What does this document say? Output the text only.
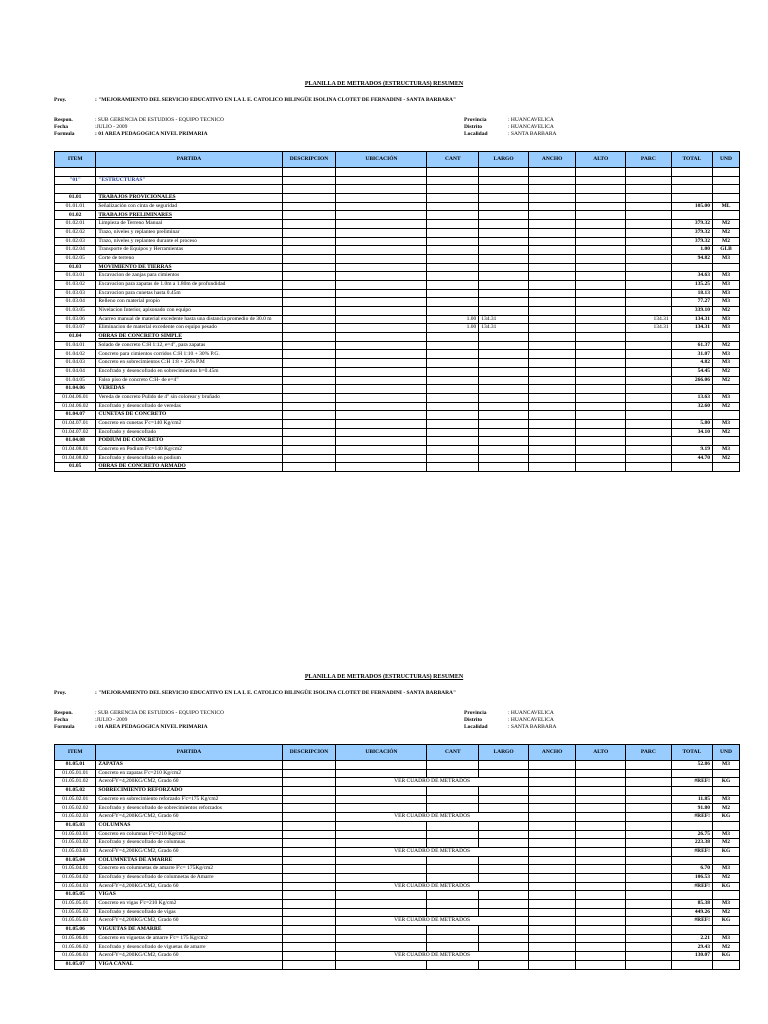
PLANILLA DE METRADOS (ESTRUCTURAS) RESUMEN
Proy.	: "MEJORAMIENTO DEL SERVICIO EDUCATIVO EN LA I. E. CATOLICO BILINGÜE ISOLINA CLOTET DE FERNADINI - SANTA BARBARA"
Respon.
Fecha
Formula
: SUB GERENCIA DE ESTUDIOS - EQUIPO TECNICO
:JULIO - 2009
: 01 AREA PEDAGOGICA NIVEL PRIMARIA
Provincia
Distrito
Localidad
: HUANCAVELICA
: HUANCAVELICA
: SANTA BARBARA
ITEM	PARTIDA	DESCRIPCION	UBICACIÓN	CANT	LARGO	ANCHO	ALTO	PARC	TOTAL	UND

"01"	"ESTRUCTURAS"									

01.01	TRABAJOS PROVICIONALES									
01.01.01	Señalización con cinta de seguridad								105.00	ML
01.02	TRABAJOS PRELIMINARES									
01.02.01	Limpieza de Terreno Manual								379.32	M2
01.02.02	Trazo, niveles y replanteo preliminar								379.32	M2
01.02.03	Trazo, niveles y replanteo durante el proceso								379.32	M2
01.02.04	Transporte de Equipos y Herramientas								1.00	GLB
01.02.05	Corte de terreno								94.82	M3
01.03	MOVIMIENTO DE TIERRAS									
01.03.01	Excavacion de zanjas para cimientos								34.63	M3
01.03.02	Excavacion para zapatas de 1.0m a 1.80m de profundidad								135.25	M3
01.03.03	Excavacion para cunetas hasta 0.45m								18.13	M3
01.03.04	Relleno con material propio								77.27	M3
01.03.05	Nivelacion Interior, apisonado con equipo								339.10	M2
01.03.06	Acarreo manual de material excedente hasta una distancia promedio de 30.0 m			1.00	134.31			134.31	134.31	M3
01.03.07	Eliminacion de material excedente con equipo pesado			1.00	134.31			134.31	134.31	M3
01.04	OBRAS DE CONCRETO SIMPLE									
01.04.01	Solado de concreto C:H 1:12, e=4", para zapatas								61.37	M2
01.04.02	Concreto para cimientos corridos C:H 1:10 + 30% P.G.								31.07	M3
01.04.03	Concreto en sobrecimientos C:H 1:8 + 25% P.M								4.82	M3
01.04.04	Encofrado y desencofrado en sobrecimientos h=0.45m								54.45	M2
01.04.05	Falso piso de concreto C:H- de e=4"								266.06	M2
01.04.06	VEREDAS									
01.04.06.01	Vereda de concreto Pulido de 4" sin colorear y bruñado								13.63	M3
01.04.06.02	Encofrado y desencofrado de veredas								32.60	M2
01.04.07	CUNETAS DE CONCRETO									
01.04.07.01	Concreto en cunetas F'c=140 Kg/cm2								5.80	M3
01.04.07.02	Encofrado y desencofrado								34.10	M2
01.04.08	PODIUM DE CONCRETO									
01.04.08.01	Concreto en Podium F'c=140 Kg/cm2								9.19	M3
01.04.08.02	Encofrado y desencofrado en podium								44.70	M2
01.05	OBRAS DE CONCRETO ARMADO									
PLANILLA DE METRADOS (ESTRUCTURAS) RESUMEN
Proy.	: "MEJORAMIENTO DEL SERVICIO EDUCATIVO EN LA I. E. CATOLICO BILINGÜE ISOLINA CLOTET DE FERNADINI - SANTA BARBARA"
Respon.
Fecha
Formula
: SUB GERENCIA DE ESTUDIOS - EQUIPO TECNICO
:JULIO - 2009
: 01 AREA PEDAGOGICA NIVEL PRIMARIA
Provincia
Distrito
Localidad
: HUANCAVELICA
: HUANCAVELICA
: SANTA BARBARA
ITEM	PARTIDA	DESCRIPCION	UBICACIÓN	CANT	LARGO	ANCHO	ALTO	PARC	TOTAL	UND
01.05.01	ZAPATAS								52.86	M3
01.05.01.01	Concreto en zapatas F'c=210 Kg/cm2									
01.05.01.02	AceroFY=4,200KG/CM2, Grado 60		VER CUADRO DE METRADOS						#REF!	KG
01.05.02	SOBRECIMIENTO REFORZADO									
01.05.02.01	Concreto en sobrecimiento reforzado F'c=175 Kg/cm2								11.85	M3
01.05.02.02	Encofrado y desencofrado de sobrecimientos reforzados								91.80	M2
01.05.02.03	AceroFY=4,200KG/CM2, Grado 60		VER CUADRO DE METRADOS						#REF!	KG
01.05.03	COLUMNAS									
01.05.03.01	Concreto en columnas F'c=210 Kg/cm2								26.75	M3
01.05.03.02	Encofrado y desencofrado de columnas								223.38	M2
01.05.03.03	AceroFY=4,200KG/CM2, Grado 60		VER CUADRO DE METRADOS						#REF!	KG
01.05.04	COLUMNETAS DE AMARRE									
01.05.04.01	Concreto en columnetas de amarre F'c= 175Kg/cm2								6.70	M3
01.05.04.02	Encofrado y desencofrado de columnetas de Amarre								106.53	M2
01.05.04.03	AceroFY=4,200KG/CM2, Grado 60		VER CUADRO DE METRADOS						#REF!	KG
01.05.05	VIGAS									
01.05.05.01	Concreto en vigas F'c=210 Kg/cm2								85.38	M3
01.05.05.02	Encofrado y desencofrado de vigas								449.26	M2
01.05.05.03	AceroFY=4,200KG/CM2, Grado 60		VER CUADRO DE METRADOS						#REF!	KG
01.05.06	VIGUETAS DE AMARRE									
01.05.06.01	Concreto en viguetas de amarre F'c= 175 Kg/cm2								2.21	M3
01.05.06.02	Encofrado y desencofrado de viguetas de amarre								29.43	M2
01.05.06.03	AceroFY=4,200KG/CM2, Grado 60		VER CUADRO DE METRADOS						130.07	KG
01.05.07	VIGA CANAL									
